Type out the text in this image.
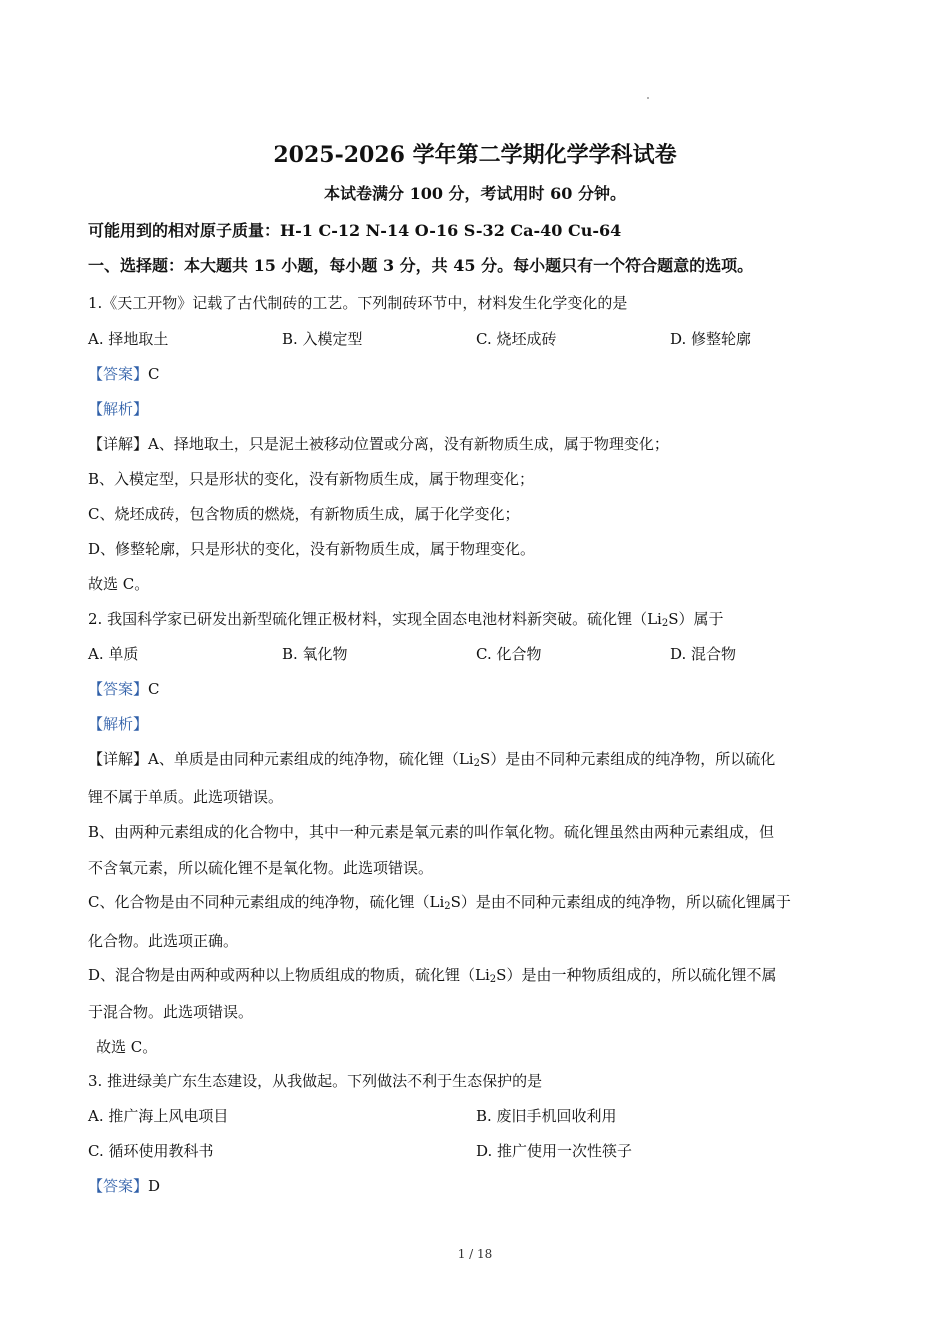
2025-2026 学年第二学期化学学科试卷
本试卷满分 100 分，考试用时 60 分钟。
可能用到的相对原子质量：H-1 C-12 N-14 O-16 S-32 Ca-40 Cu-64
一、选择题：本大题共 15 小题，每小题 3 分，共 45 分。每小题只有一个符合题意的选项。
1.《天工开物》记载了古代制砖的工艺。下列制砖环节中，材料发生化学变化的是
A. 择地取土	B. 入模定型	C. 烧坯成砖	D. 修整轮廓
【答案】C
【解析】
【详解】A、择地取土，只是泥土被移动位置或分离，没有新物质生成，属于物理变化；
B、入模定型，只是形状的变化，没有新物质生成，属于物理变化；
C、烧坯成砖，包含物质的燃烧，有新物质生成，属于化学变化；
D、修整轮廓，只是形状的变化，没有新物质生成，属于物理变化。
故选 C。
2. 我国科学家已研发出新型硫化锂正极材料，实现全固态电池材料新突破。硫化锂$(Li_2S)$属于
A. 单质	B. 氧化物	C. 化合物	D. 混合物
【答案】C
【解析】
【详解】A、单质是由同种元素组成的纯净物，硫化锂$(Li_2S)$是由不同种元素组成的纯净物，所以硫化
锂不属于单质。此选项错误。
B、由两种元素组成的化合物中，其中一种元素是氧元素的叫作氧化物。硫化锂虽然由两种元素组成，但
不含氧元素，所以硫化锂不是氧化物。此选项错误。
C、化合物是由不同种元素组成的纯净物，硫化锂$(Li_2S)$是由不同种元素组成的纯净物，所以硫化锂属于
化合物。此选项正确。
D、混合物是由两种或两种以上物质组成的物质，硫化锂$(Li_2S)$是由一种物质组成的，所以硫化锂不属
于混合物。此选项错误。
故选 C。
3. 推进绿美广东生态建设，从我做起。下列做法不利于生态保护的是
A. 推广海上风电项目	B. 废旧手机回收利用
C. 循环使用教科书	D. 推广使用一次性筷子
【答案】D
1 / 18
